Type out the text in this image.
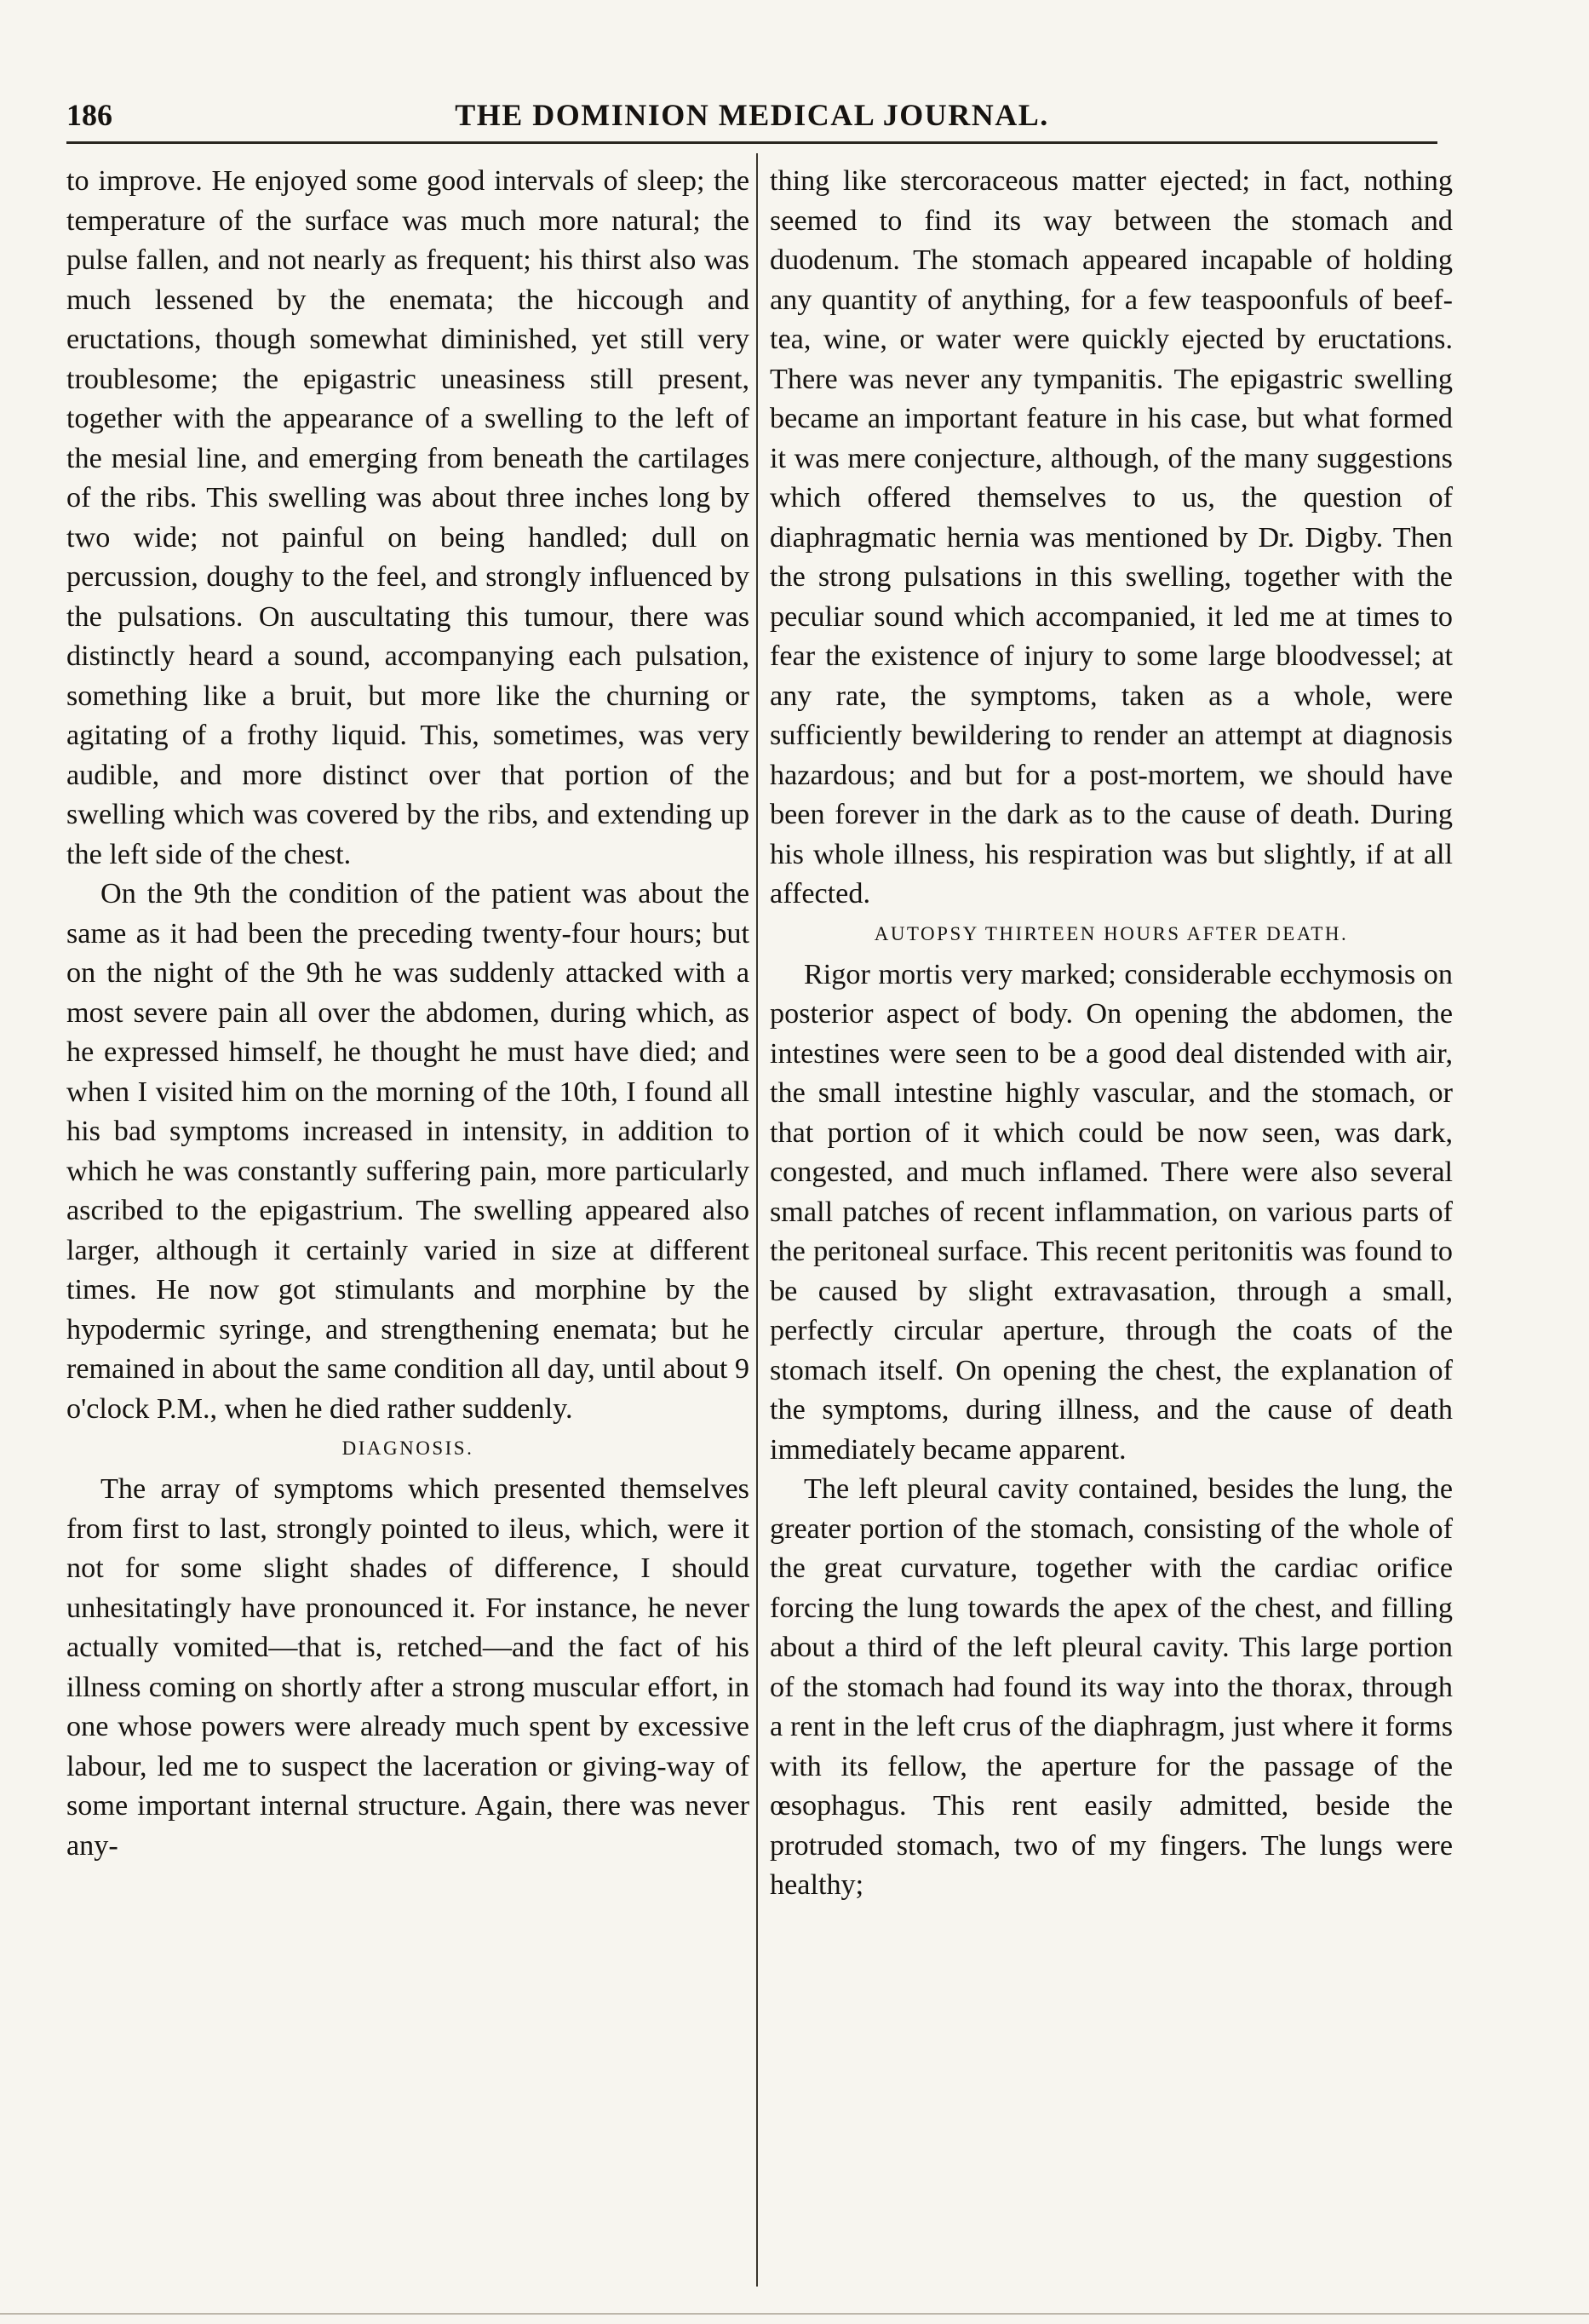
186	THE DOMINION MEDICAL JOURNAL.

to improve. He enjoyed some good intervals of sleep; the temperature of the surface was much more natural; the pulse fallen, and not nearly as frequent; his thirst also was much lessened by the enemata; the hiccough and eructations, though somewhat diminished, yet still very troublesome; the epigastric uneasiness still present, together with the appearance of a swelling to the left of the mesial line, and emerging from beneath the cartilages of the ribs. This swelling was about three inches long by two wide; not painful on being handled; dull on percussion, doughy to the feel, and strongly influenced by the pulsations. On auscultating this tumour, there was distinctly heard a sound, accompanying each pulsation, something like a bruit, but more like the churning or agitating of a frothy liquid. This, sometimes, was very audible, and more distinct over that portion of the swelling which was covered by the ribs, and extending up the left side of the chest.

On the 9th the condition of the patient was about the same as it had been the preceding twenty-four hours; but on the night of the 9th he was suddenly attacked with a most severe pain all over the abdomen, during which, as he expressed himself, he thought he must have died; and when I visited him on the morning of the 10th, I found all his bad symptoms increased in intensity, in addition to which he was constantly suffering pain, more particularly ascribed to the epigastrium. The swelling appeared also larger, although it certainly varied in size at different times. He now got stimulants and morphine by the hypodermic syringe, and strengthening enemata; but he remained in about the same condition all day, until about 9 o'clock P.M., when he died rather suddenly.

DIAGNOSIS.

The array of symptoms which presented themselves from first to last, strongly pointed to ileus, which, were it not for some slight shades of difference, I should unhesitatingly have pronounced it. For instance, he never actually vomited—that is, retched—and the fact of his illness coming on shortly after a strong muscular effort, in one whose powers were already much spent by excessive labour, led me to suspect the laceration or giving-way of some important internal structure. Again, there was never any-

thing like stercoraceous matter ejected; in fact, nothing seemed to find its way between the stomach and duodenum. The stomach appeared incapable of holding any quantity of anything, for a few teaspoonfuls of beef-tea, wine, or water were quickly ejected by eructations. There was never any tympanitis. The epigastric swelling became an important feature in his case, but what formed it was mere conjecture, although, of the many suggestions which offered themselves to us, the question of diaphragmatic hernia was mentioned by Dr. Digby. Then the strong pulsations in this swelling, together with the peculiar sound which accompanied, it led me at times to fear the existence of injury to some large bloodvessel; at any rate, the symptoms, taken as a whole, were sufficiently bewildering to render an attempt at diagnosis hazardous; and but for a post-mortem, we should have been forever in the dark as to the cause of death. During his whole illness, his respiration was but slightly, if at all affected.

AUTOPSY THIRTEEN HOURS AFTER DEATH.

Rigor mortis very marked; considerable ecchymosis on posterior aspect of body. On opening the abdomen, the intestines were seen to be a good deal distended with air, the small intestine highly vascular, and the stomach, or that portion of it which could be now seen, was dark, congested, and much inflamed. There were also several small patches of recent inflammation, on various parts of the peritoneal surface. This recent peritonitis was found to be caused by slight extravasation, through a small, perfectly circular aperture, through the coats of the stomach itself. On opening the chest, the explanation of the symptoms, during illness, and the cause of death immediately became apparent.

The left pleural cavity contained, besides the lung, the greater portion of the stomach, consisting of the whole of the great curvature, together with the cardiac orifice forcing the lung towards the apex of the chest, and filling about a third of the left pleural cavity. This large portion of the stomach had found its way into the thorax, through a rent in the left crus of the diaphragm, just where it forms with its fellow, the aperture for the passage of the œsophagus. This rent easily admitted, beside the protruded stomach, two of my fingers. The lungs were healthy;
